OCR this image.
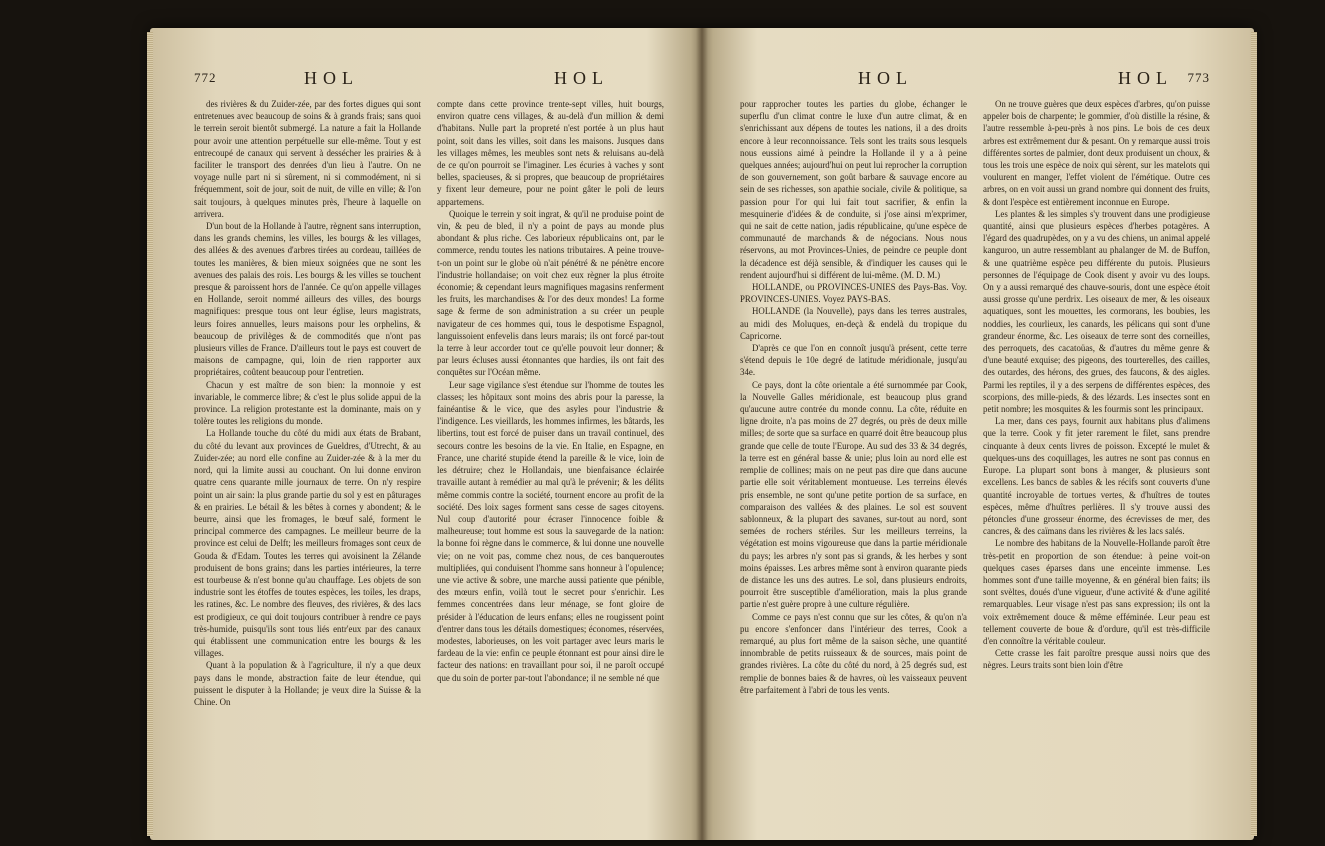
772	HOL	HOL

des rivières & du Zuider-zée, par des fortes digues qui sont entretenues avec beaucoup de soins & à grands frais; sans quoi le terrein seroit bientôt submergé. La nature a fait la Hollande pour avoir une attention perpétuelle sur elle-même. Tout y est entrecoupé de canaux qui servent à dessécher les prairies & à faciliter le transport des denrées d'un lieu à l'autre. On ne voyage nulle part ni si sûrement, ni si commodément, ni si fréquemment, soit de jour, soit de nuit, de ville en ville; & l'on sait toujours, à quelques minutes près, l'heure à laquelle on arrivera.

D'un bout de la Hollande à l'autre, règnent sans interruption, dans les grands chemins, les villes, les bourgs & les villages, des allées & des avenues d'arbres tirées au cordeau, taillées de toutes les manières, & bien mieux soignées que ne sont les avenues des palais des rois. Les bourgs & les villes se touchent presque & paroissent hors de l'année. Ce qu'on appelle villages en Hollande, seroit nommé ailleurs des villes, des bourgs magnifiques: presque tous ont leur église, leurs magistrats, leurs foires annuelles, leurs maisons pour les orphelins, & beaucoup de privilèges & de commodités que n'ont pas plusieurs villes de France. D'ailleurs tout le pays est couvert de maisons de campagne, qui, loin de rien rapporter aux propriétaires, coûtent beaucoup pour l'entretien.

Chacun y est maître de son bien: la monnoie y est invariable, le commerce libre; & c'est le plus solide appui de la province. La religion protestante est la dominante, mais on y tolère toutes les religions du monde.

La Hollande touche du côté du midi aux états de Brabant, du côté du levant aux provinces de Gueldres, d'Utrecht, & au Zuider-zée; au nord elle confine au Zuider-zée & à la mer du nord, qui la limite aussi au couchant. On lui donne environ quatre cens quarante mille journaux de terre. On n'y respire point un air sain: la plus grande partie du sol y est en pâturages & en prairies. Le bétail & les bêtes à cornes y abondent; & le beurre, ainsi que les fromages, le bœuf salé, forment le principal commerce des campagnes. Le meilleur beurre de la province est celui de Delft; les meilleurs fromages sont ceux de Gouda & d'Edam. Toutes les terres qui avoisinent la Zélande produisent de bons grains; dans les parties intérieures, la terre est tourbeuse & n'est bonne qu'au chauffage. Les objets de son industrie sont les étoffes de toutes espèces, les toiles, les draps, les ratines, &c. Le nombre des fleuves, des rivières, & des lacs est prodigieux, ce qui doit toujours contribuer à rendre ce pays très-humide, puisqu'ils sont tous liés entr'eux par des canaux qui établissent une communication entre les bourgs & les villages.

Quant à la population & à l'agriculture, il n'y a que deux pays dans le monde, abstraction faite de leur étendue, qui puissent le disputer à la Hollande; je veux dire la Suisse & la Chine. On

compte dans cette province trente-sept villes, huit bourgs, environ quatre cens villages, & au-delà d'un million & demi d'habitans. Nulle part la propreté n'est portée à un plus haut point, soit dans les villes, soit dans les maisons. Jusques dans les villages mêmes, les meubles sont nets & reluisans au-delà de ce qu'on pourroit se l'imaginer. Les écuries à vaches y sont belles, spacieuses, & si propres, que beaucoup de propriétaires y fixent leur demeure, pour ne point gâter le poli de leurs appartemens.

Quoique le terrein y soit ingrat, & qu'il ne produise point de vin, & peu de bled, il n'y a point de pays au monde plus abondant & plus riche. Ces laborieux républicains ont, par le commerce, rendu toutes les nations tributaires. A peine trouve-t-on un point sur le globe où n'ait pénétré & ne pénètre encore l'industrie hollandaise; on voit chez eux règner la plus étroite économie; & cependant leurs magnifiques magasins renferment les fruits, les marchandises & l'or des deux mondes! La forme sage & ferme de son administration a su créer un peuple navigateur de ces hommes qui, tous le despotisme Espagnol, languissoient enfevelis dans leurs marais; ils ont forcé par-tout la terre à leur accorder tout ce qu'elle pouvoit leur donner; & par leurs écluses aussi étonnantes que hardies, ils ont fait des conquêtes sur l'Océan même.

Leur sage vigilance s'est étendue sur l'homme de toutes les classes; les hôpitaux sont moins des abris pour la paresse, la fainéantise & le vice, que des asyles pour l'industrie & l'indigence. Les vieillards, les hommes infirmes, les bâtards, les libertins, tout est forcé de puiser dans un travail continuel, des secours contre les besoins de la vie. En Italie, en Espagne, en France, une charité stupide étend la pareille & le vice, loin de les détruire; chez le Hollandais, une bienfaisance éclairée travaille autant à remédier au mal qu'à le prévenir; & les délits même commis contre la société, tournent encore au profit de la société. Des loix sages forment sans cesse de sages citoyens. Nul coup d'autorité pour écraser l'innocence foible & malheureuse; tout homme est sous la sauvegarde de la nation: la bonne foi règne dans le commerce, & lui donne une nouvelle vie; on ne voit pas, comme chez nous, de ces banqueroutes multipliées, qui conduisent l'homme sans honneur à l'opulence; une vie active & sobre, une marche aussi patiente que pénible, des mœurs enfin, voilà tout le secret pour s'enrichir. Les femmes concentrées dans leur ménage, se font gloire de présider à l'éducation de leurs enfans; elles ne rougissent point d'entrer dans tous les détails domestiques; économes, réservées, modestes, laborieuses, on les voit partager avec leurs maris le fardeau de la vie: enfin ce peuple étonnant est pour ainsi dire le facteur des nations: en travaillant pour soi, il ne paroît occupé que du soin de porter par-tout l'abondance; il ne semble né que

HOL	HOL 773

pour rapprocher toutes les parties du globe, échanger le superflu d'un climat contre le luxe d'un autre climat, & en s'enrichissant aux dépens de toutes les nations, il a des droits encore à leur reconnoissance. Tels sont les traits sous lesquels nous eussions aimé à peindre la Hollande il y a à peine quelques années; aujourd'hui on peut lui reprocher la corruption de son gouvernement, son goût barbare & sauvage encore au sein de ses richesses, son apathie sociale, civile & politique, sa passion pour l'or qui lui fait tout sacrifier, & enfin la mesquinerie d'idées & de conduite, si j'ose ainsi m'exprimer, qui ne sait de cette nation, jadis républicaine, qu'une espèce de communauté de marchands & de négocians. Nous nous réservons, au mot Provinces-Unies, de peindre ce peuple dont la décadence est déjà sensible, & d'indiquer les causes qui le rendent aujourd'hui si différent de lui-même. (M. D. M.)

HOLLANDE, ou PROVINCES-UNIES des Pays-Bas. Voy. PROVINCES-UNIES. Voyez PAYS-BAS.

HOLLANDE (la Nouvelle), pays dans les terres australes, au midi des Moluques, en-deçà & endelà du tropique du Capricorne.

D'après ce que l'on en connoît jusqu'à présent, cette terre s'étend depuis le 10e degré de latitude méridionale, jusqu'au 34e.

Ce pays, dont la côte orientale a été surnommée par Cook, la Nouvelle Galles méridionale, est beaucoup plus grand qu'aucune autre contrée du monde connu. La côte, réduite en ligne droite, n'a pas moins de 27 degrés, ou près de deux mille milles; de sorte que sa surface en quarré doit être beaucoup plus grande que celle de toute l'Europe. Au sud des 33 & 34 degrés, la terre est en général basse & unie; plus loin au nord elle est remplie de collines; mais on ne peut pas dire que dans aucune partie elle soit véritablement montueuse. Les terreins élevés pris ensemble, ne sont qu'une petite portion de sa surface, en comparaison des vallées & des plaines. Le sol est souvent sablonneux, & la plupart des savanes, sur-tout au nord, sont semées de rochers stériles. Sur les meilleurs terreins, la végétation est moins vigoureuse que dans la partie méridionale du pays; les arbres n'y sont pas si grands, & les herbes y sont moins épaisses. Les arbres même sont à environ quarante pieds de distance les uns des autres. Le sol, dans plusieurs endroits, pourroit être susceptible d'amélioration, mais la plus grande partie n'est guère propre à une culture régulière.

Comme ce pays n'est connu que sur les côtes, & qu'on n'a pu encore s'enfoncer dans l'intérieur des terres, Cook a remarqué, au plus fort même de la saison sèche, une quantité innombrable de petits ruisseaux & de sources, mais point de grandes rivières. La côte du côté du nord, à 25 degrés sud, est remplie de bonnes baies & de havres, où les vaisseaux peuvent être parfaitement à l'abri de tous les vents.

On ne trouve guères que deux espèces d'arbres, qu'on puisse appeler bois de charpente; le gommier, d'où distille la résine, & l'autre ressemble à-peu-près à nos pins. Le bois de ces deux arbres est extrêmement dur & pesant. On y remarque aussi trois différentes sortes de palmier, dont deux produisent un choux, & tous les trois une espèce de noix qui sèrent, sur les matelots qui voulurent en manger, l'effet violent de l'émétique. Outre ces arbres, on en voit aussi un grand nombre qui donnent des fruits, & dont l'espèce est entièrement inconnue en Europe.

Les plantes & les simples s'y trouvent dans une prodigieuse quantité, ainsi que plusieurs espèces d'herbes potagères. A l'égard des quadrupèdes, on y a vu des chiens, un animal appelé kanguroo, un autre ressemblant au phalanger de M. de Buffon, & une quatrième espèce peu différente du putois. Plusieurs personnes de l'équipage de Cook disent y avoir vu des loups. On y a aussi remarqué des chauve-souris, dont une espèce étoit aussi grosse qu'une perdrix. Les oiseaux de mer, & les oiseaux aquatiques, sont les mouettes, les cormorans, les boubies, les noddies, les courlieux, les canards, les pélicans qui sont d'une grandeur énorme, &c. Les oiseaux de terre sont des corneilles, des perroquets, des cacatoüas, & d'autres du même genre & d'une beauté exquise; des pigeons, des tourterelles, des cailles, des outardes, des hérons, des grues, des faucons, & des aigles. Parmi les reptiles, il y a des serpens de différentes espèces, des scorpions, des mille-pieds, & des lézards. Les insectes sont en petit nombre; les mosquites & les fourmis sont les principaux.

La mer, dans ces pays, fournit aux habitans plus d'alimens que la terre. Cook y fit jeter rarement le filet, sans prendre cinquante à deux cents livres de poisson. Excepté le mulet & quelques-uns des coquillages, les autres ne sont pas connus en Europe. La plupart sont bons à manger, & plusieurs sont excellens. Les bancs de sables & les récifs sont couverts d'une quantité incroyable de tortues vertes, & d'huîtres de toutes espèces, même d'huîtres perlières. Il s'y trouve aussi des pétoncles d'une grosseur énorme, des écrevisses de mer, des cancres, & des caïmans dans les rivières & les lacs salés.

Le nombre des habitans de la Nouvelle-Hollande paroît être très-petit en proportion de son étendue: à peine voit-on quelques cases éparses dans une enceinte immense. Les hommes sont d'une taille moyenne, & en général bien faits; ils sont svèltes, doués d'une vigueur, d'une activité & d'une agilité remarquables. Leur visage n'est pas sans expression; ils ont la voix extrêmement douce & même efféminée. Leur peau est tellement couverte de boue & d'ordure, qu'il est très-difficile d'en connoître la véritable couleur.

Cette crasse les fait paroître presque aussi noirs que des nègres. Leurs traits sont bien loin d'être
